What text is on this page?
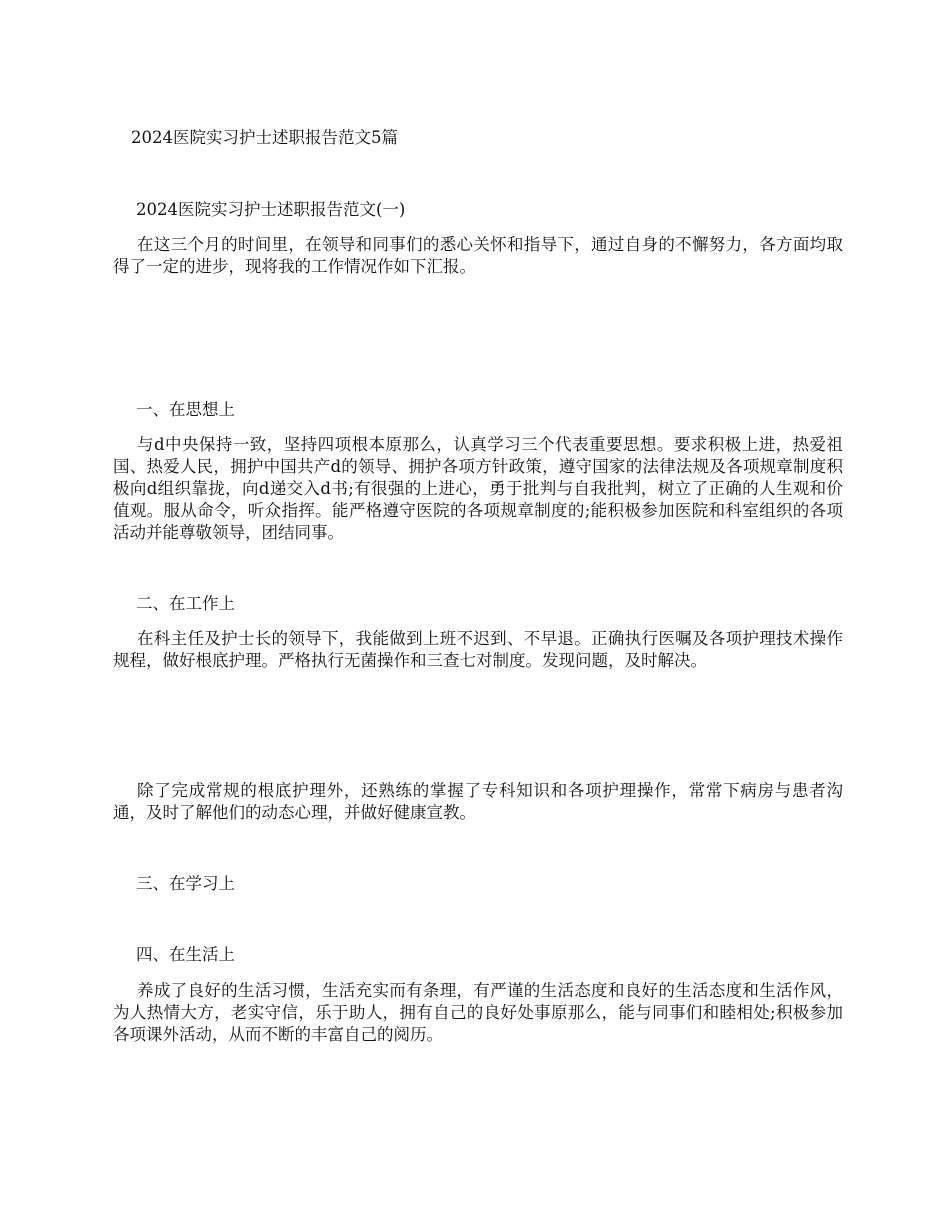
2024医院实习护士述职报告范文5篇
2024医院实习护士述职报告范文(一)
在这三个月的时间里，在领导和同事们的悉心关怀和指导下，通过自身的不懈努力，各方面均取得了一定的进步，现将我的工作情况作如下汇报。
一、在思想上
与d中央保持一致，坚持四项根本原那么，认真学习三个代表重要思想。要求积极上进，热爱祖国、热爱人民，拥护中国共产d的领导、拥护各项方针政策，遵守国家的法律法规及各项规章制度积极向d组织靠拢，向d递交入d书;有很强的上进心，勇于批判与自我批判，树立了正确的人生观和价值观。服从命令，听众指挥。能严格遵守医院的各项规章制度的;能积极参加医院和科室组织的各项活动并能尊敬领导，团结同事。
二、在工作上
在科主任及护士长的领导下，我能做到上班不迟到、不早退。正确执行医嘱及各项护理技术操作规程，做好根底护理。严格执行无菌操作和三查七对制度。发现问题，及时解决。
除了完成常规的根底护理外，还熟练的掌握了专科知识和各项护理操作，常常下病房与患者沟通，及时了解他们的动态心理，并做好健康宣教。
三、在学习上
四、在生活上
养成了良好的生活习惯，生活充实而有条理，有严谨的生活态度和良好的生活态度和生活作风，为人热情大方，老实守信，乐于助人，拥有自己的良好处事原那么，能与同事们和睦相处;积极参加各项课外活动，从而不断的丰富自己的阅历。
